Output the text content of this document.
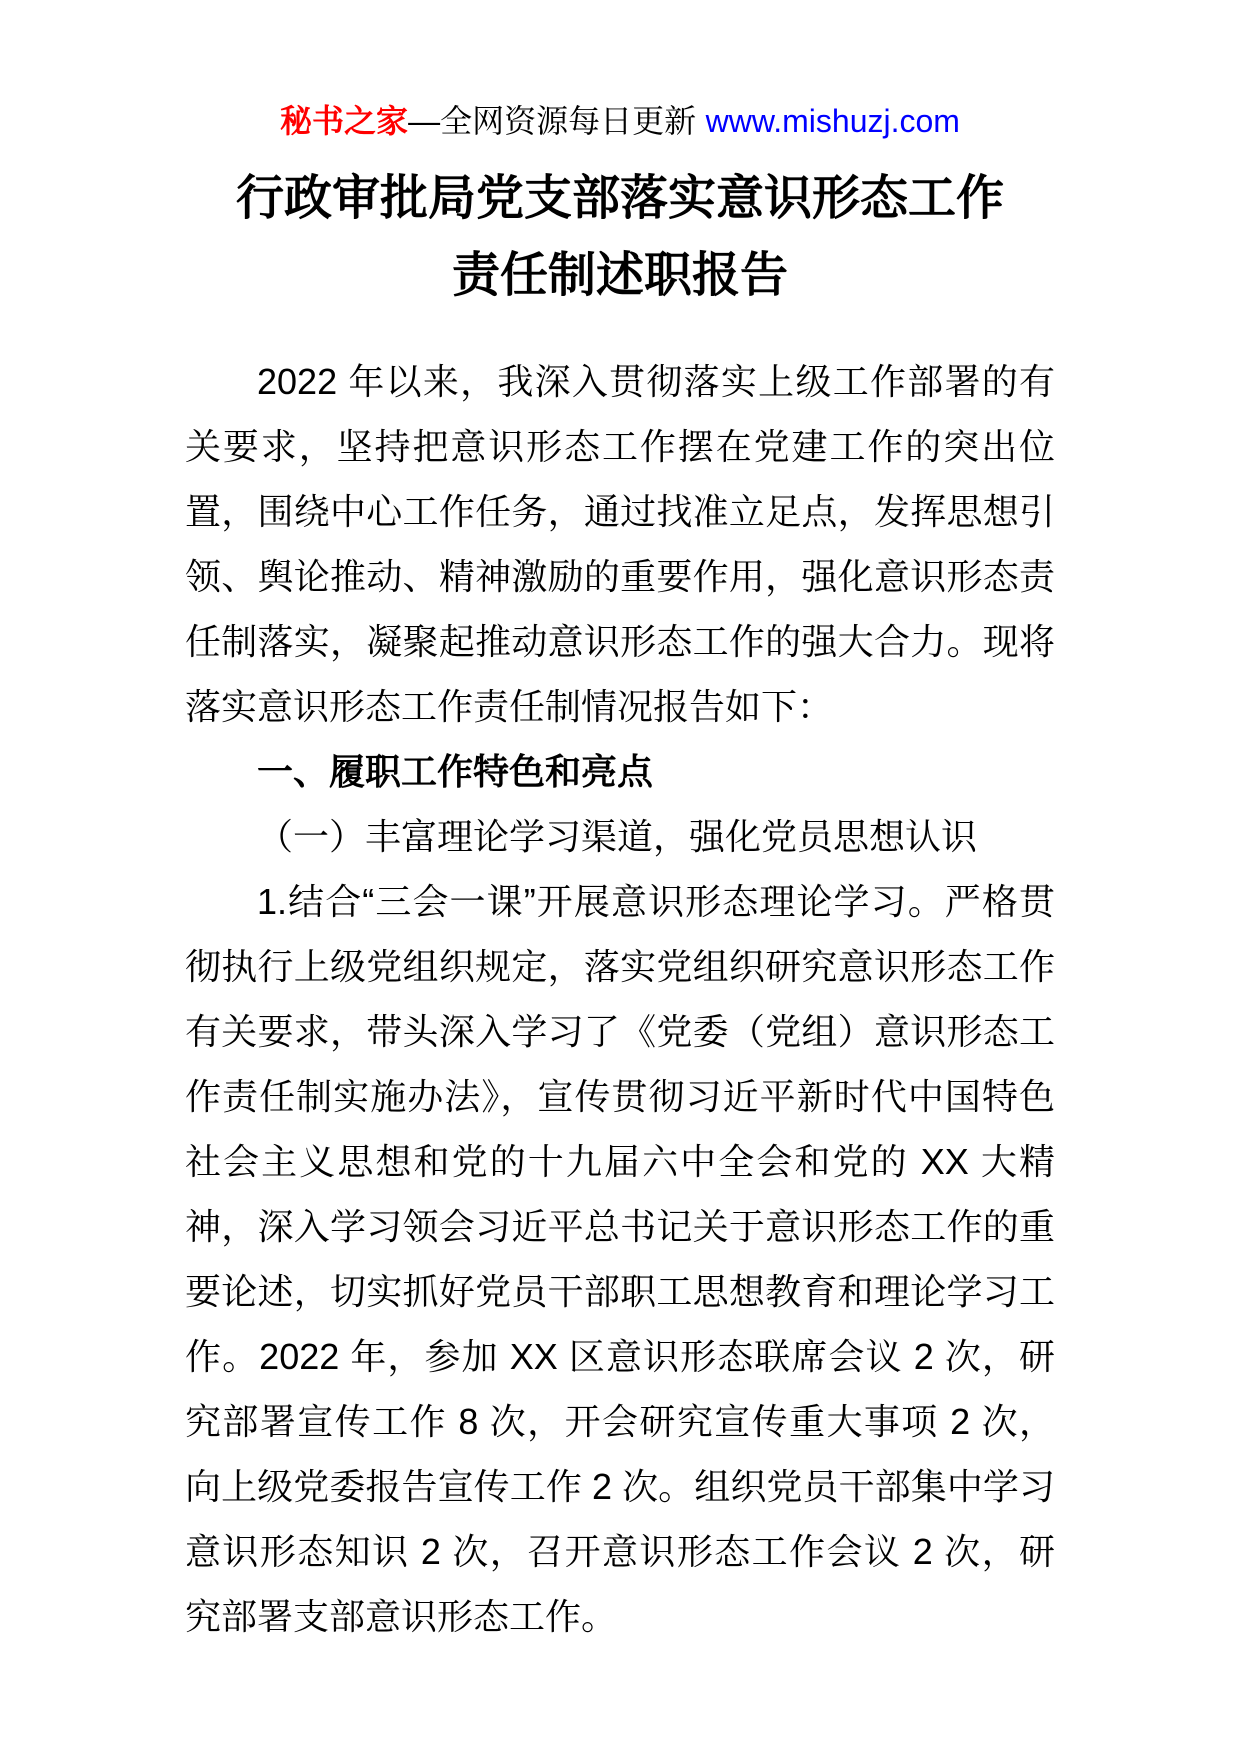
秘书之家—全网资源每日更新 www.mishuzj.com
行政审批局党支部落实意识形态工作
责任制述职报告

2022 年以来，我深入贯彻落实上级工作部署的有关要求，坚持把意识形态工作摆在党建工作的突出位置，围绕中心工作任务，通过找准立足点，发挥思想引领、舆论推动、精神激励的重要作用，强化意识形态责任制落实，凝聚起推动意识形态工作的强大合力。现将落实意识形态工作责任制情况报告如下：

一、履职工作特色和亮点

（一）丰富理论学习渠道，强化党员思想认识

1.结合“三会一课”开展意识形态理论学习。严格贯彻执行上级党组织规定，落实党组织研究意识形态工作有关要求，带头深入学习了《党委（党组）意识形态工作责任制实施办法》，宣传贯彻习近平新时代中国特色社会主义思想和党的十九届六中全会和党的 XX 大精神，深入学习领会习近平总书记关于意识形态工作的重要论述，切实抓好党员干部职工思想教育和理论学习工作。2022 年，参加 XX 区意识形态联席会议 2 次，研究部署宣传工作 8 次，开会研究宣传重大事项 2 次，向上级党委报告宣传工作 2 次。组织党员干部集中学习意识形态知识 2 次，召开意识形态工作会议 2 次，研究部署支部意识形态工作。
